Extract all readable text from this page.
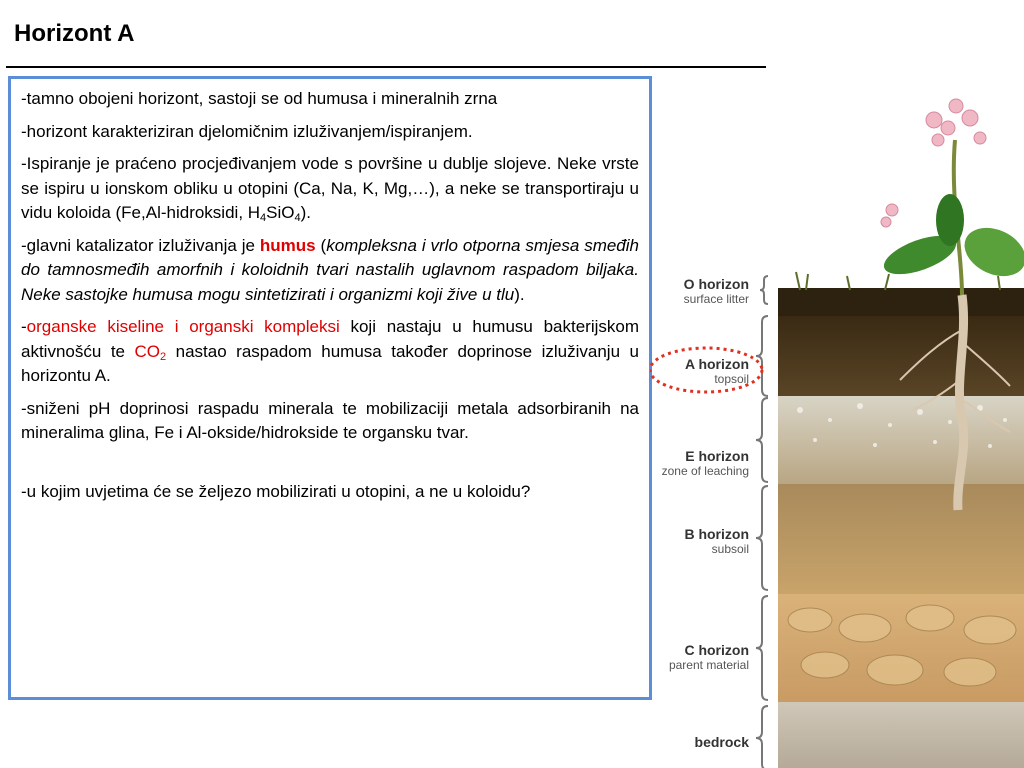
Horizont A

-tamno obojeni horizont, sastoji se od humusa i mineralnih zrna

-horizont karakteriziran djelomičnim izluživanjem/ispiranjem.

-Ispiranje je praćeno procjeđivanjem vode s površine u dublje slojeve. Neke vrste se ispiru u ionskom obliku u otopini (Ca, Na, K, Mg,…), a neke se transportiraju u vidu koloida (Fe,Al-hidroksidi, $H_4SiO_4$).

-glavni katalizator izluživanja je humus (kompleksna i vrlo otporna smjesa smeđih do tamnosmeđih amorfnih i koloidnih tvari nastalih uglavnom raspadom biljaka. Neke sastojke humusa mogu sintetizirati i organizmi koji žive u tlu).

-organske kiseline i organski kompleksi koji nastaju u humusu bakterijskom aktivnošću te $CO_2$ nastao raspadom humusa također doprinose izluživanju u horizontu A.

-sniženi pH doprinosi raspadu minerala te mobilizaciji metala adsorbiranih na mineralima glina, Fe i Al-okside/hidrokside te organsku tvar.

-u kojim uvjetima će se željezo mobilizirati u otopini, a ne u koloidu?

O horizon
surface litter
A horizon
topsoil
E horizon
zone of leaching
B horizon
subsoil
C horizon
parent material
bedrock
